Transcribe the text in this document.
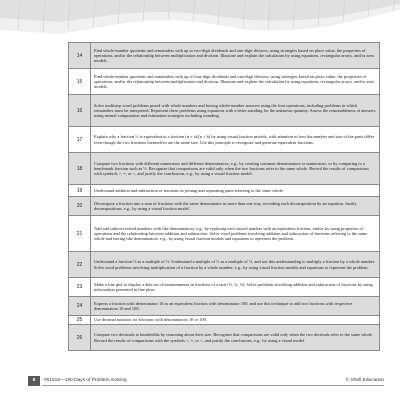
14	Find whole-number quotients and remainders with up to two-digit dividends and one-digit divisors, using strategies based on place value, the properties of operations, and/or the relationship between multiplication and division. Illustrate and explain the calculation by using equations, rectangular arrays, and/or area models.
15	Find whole-number quotients and remainders with up to four-digit dividends and one-digit divisors, using strategies based on place value, the properties of operations, and/or the relationship between multiplication and division. Illustrate and explain the calculation by using equations, rectangular arrays, and/or area models.
16	Solve multistep word problems posed with whole numbers and having whole-number answers using the four operations, including problems in which remainders must be interpreted. Represent these problems using equations with a letter standing for the unknown quantity. Assess the reasonableness of answers using mental computation and estimation strategies including rounding.
17	Explain why a fraction ½ is equivalent to a fraction (n × a)/(n × b) by using visual fraction models, with attention to how the number and size of the parts differ even though the two fractions themselves are the same size. Use this principle to recognize and generate equivalent fractions.
18	Compare two fractions with different numerators and different denominators, e.g., by creating common denominators or numerators, or by comparing to a benchmark fraction such as ½. Recognize that comparisons are valid only when the two fractions refer to the same whole. Record the results of comparisons with symbols >, =, or <, and justify the conclusions, e.g., by using a visual fraction model.
19	Understand addition and subtraction of fractions as joining and separating parts referring to the same whole.
20	Decompose a fraction into a sum of fractions with the same denominator in more than one way, recording each decomposition by an equation. Justify decompositions, e.g., by using a visual fraction model.
21	Add and subtract mixed numbers with like denominators, e.g., by replacing each mixed number with an equivalent fraction, and/or by using properties of operations and the relationship between addition and subtraction. Solve word problems involving addition and subtraction of fractions referring to the same whole and having like denominators, e.g., by using visual fraction models and equations to represent the problem.
22	Understand a fraction ½ as a multiple of ½. Understand a multiple of ½ as a multiple of ½, and use this understanding to multiply a fraction by a whole number. Solve word problems involving multiplication of a fraction by a whole number, e.g., by using visual fraction models and equations to represent the problem.
23	Make a line plot to display a data set of measurements in fractions of a unit (½, ¼, ⅛). Solve problems involving addition and subtraction of fractions by using information presented in line plots.
24	Express a fraction with denominator 10 as an equivalent fraction with denominator 100, and use this technique to add two fractions with respective denominators 10 and 100.
25	Use decimal notation for fractions with denominators 10 or 100.
26	Compare two decimals to hundredths by reasoning about their size. Recognize that comparisons are valid only when the two decimals refer to the same whole. Record the results of comparisons with the symbols >, =, or <, and justify the conclusions, e.g., by using a visual model.
8	#51616—180 Days of Problem Solving	© Shell Education
